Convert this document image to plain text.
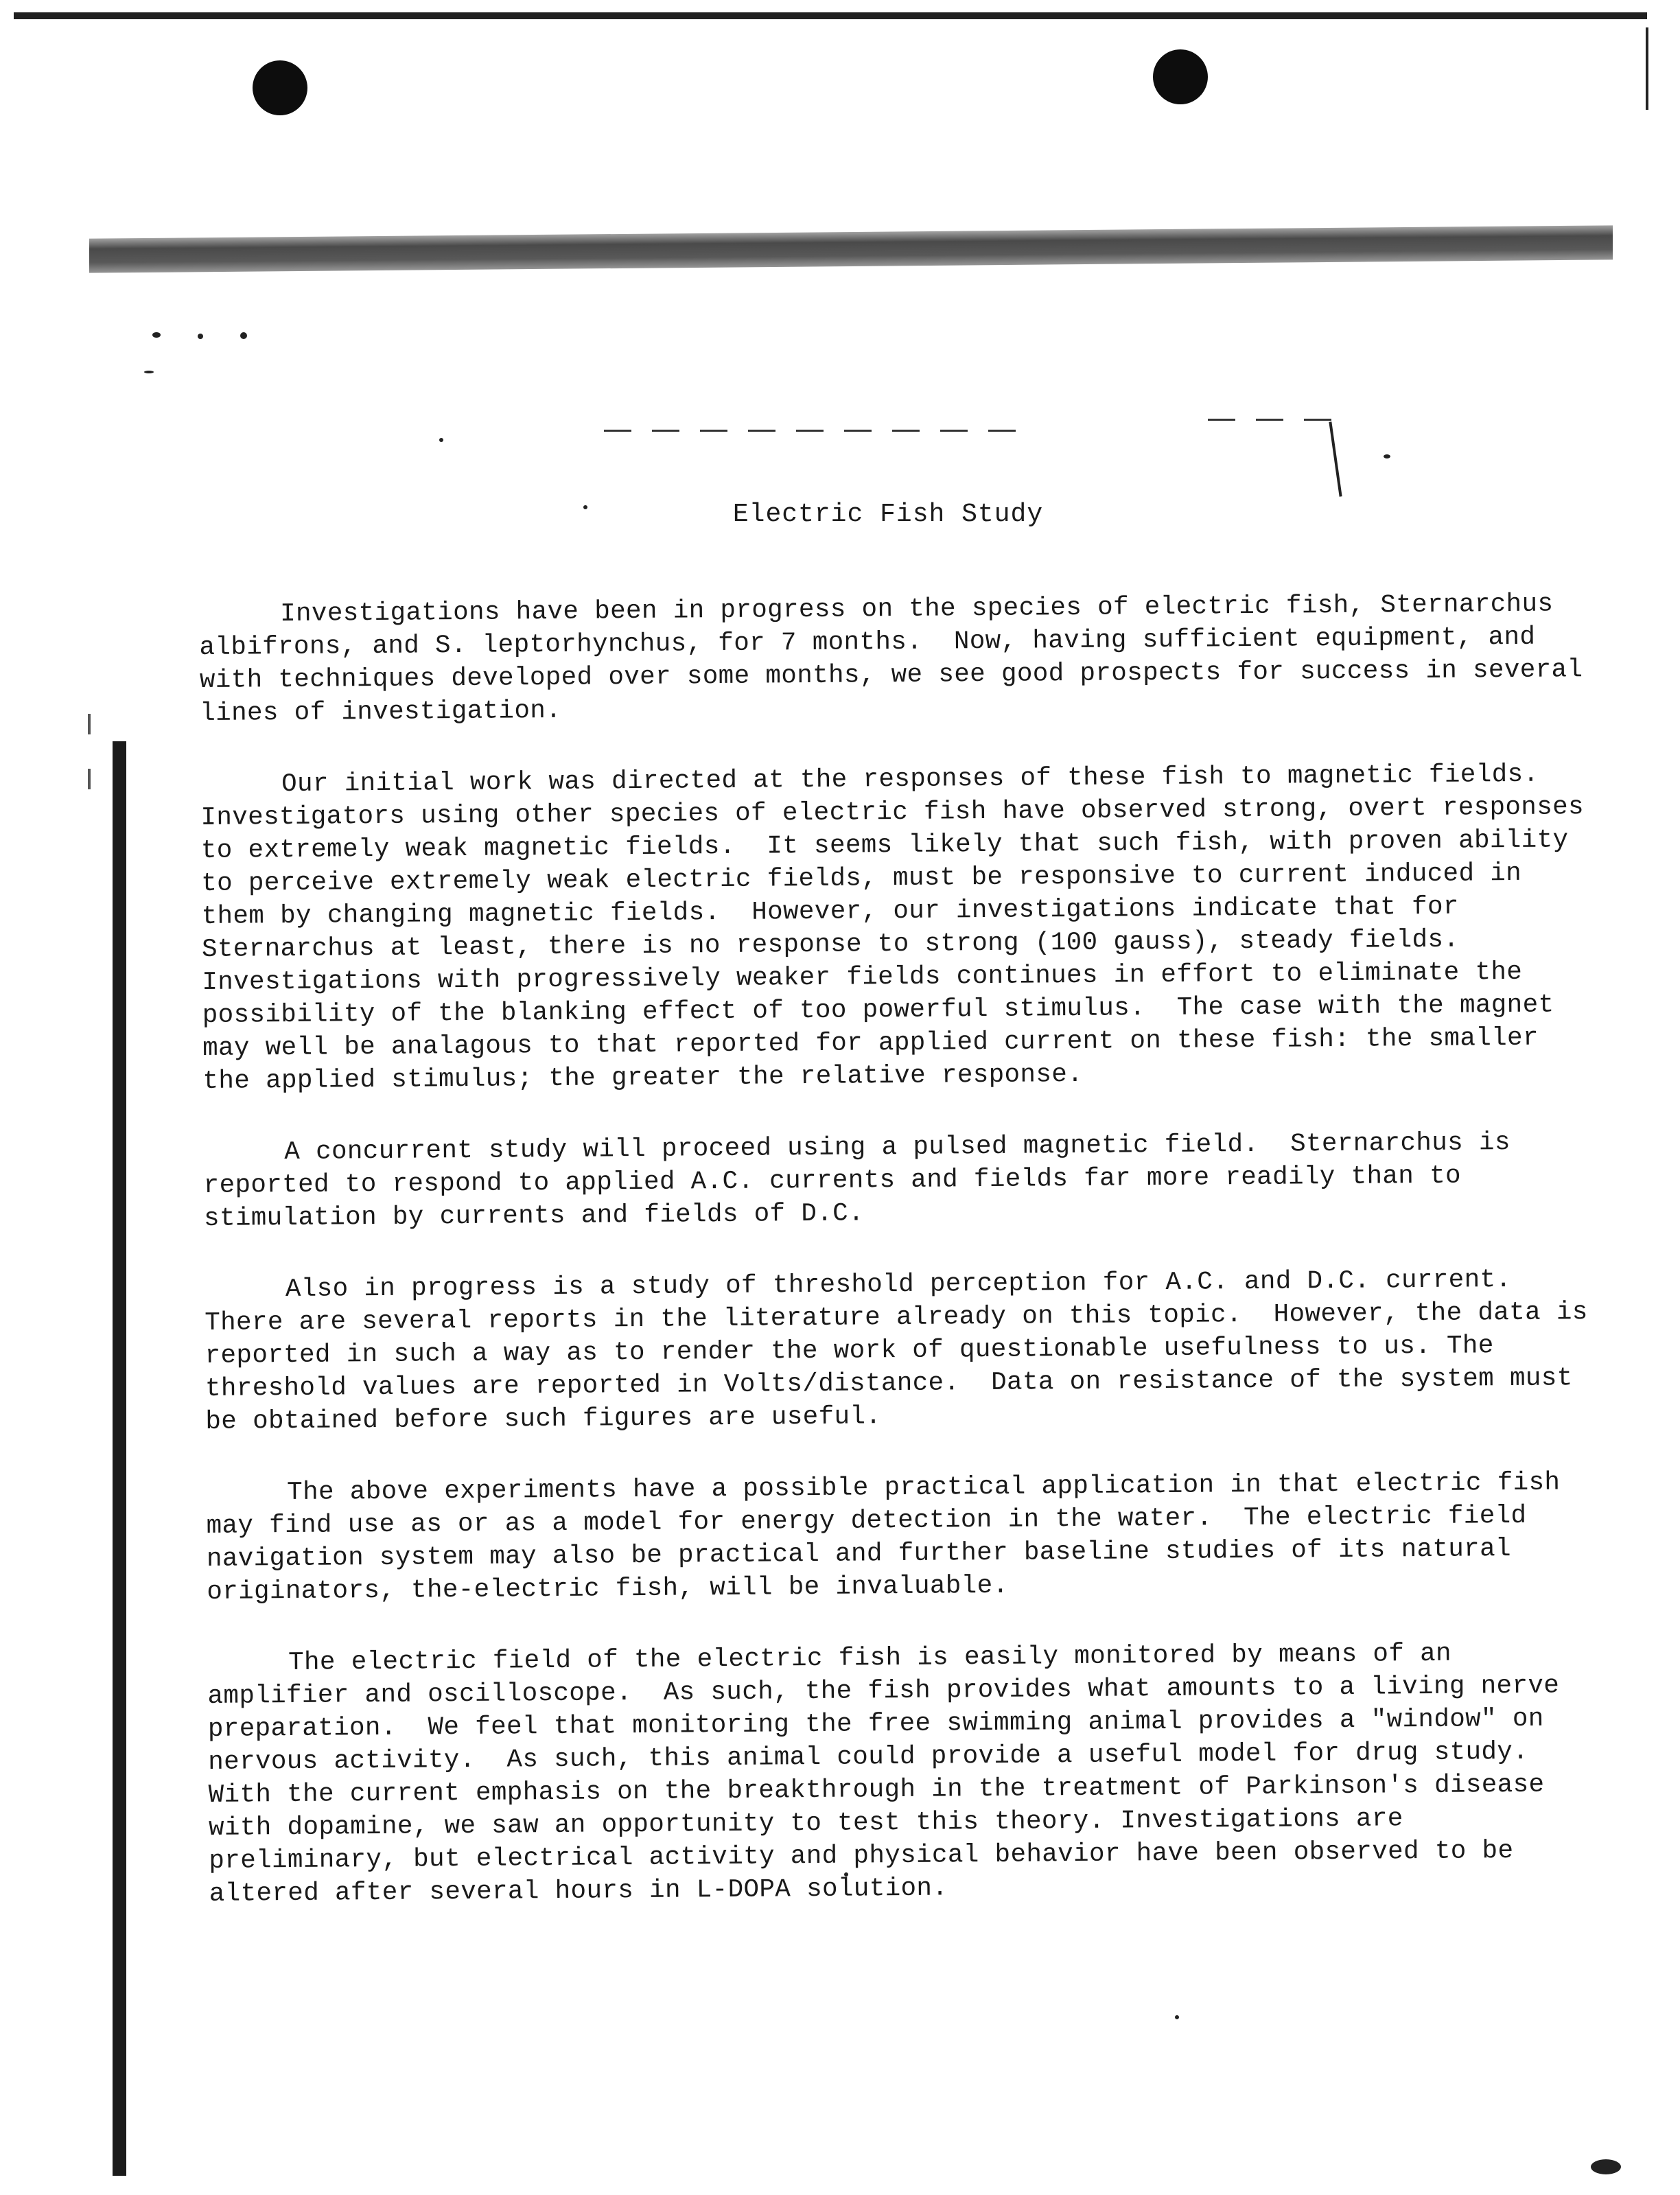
Electric Fish Study

Investigations have been in progress on the species of electric fish, Sternarchus albifrons, and S. leptorhynchus, for 7 months.  Now, having sufficient equipment, and with techniques developed over some months, we see good prospects for success in several lines of investigation.

Our initial work was directed at the responses of these fish to magnetic fields.  Investigators using other species of electric fish have observed strong, overt responses to extremely weak magnetic fields.  It seems likely that such fish, with proven ability to perceive extremely weak electric fields, must be responsive to current induced in them by changing magnetic fields.  However, our investigations indicate that for Sternarchus at least, there is no response to strong (100 gauss), steady fields.  Investigations with progressively weaker fields continues in effort to eliminate the possibility of the blanking effect of too powerful stimulus.  The case with the magnet may well be analagous to that reported for applied current on these fish: the smaller the applied stimulus; the greater the relative response.

A concurrent study will proceed using a pulsed magnetic field.  Sternarchus is reported to respond to applied A.C. currents and fields far more readily than to stimulation by currents and fields of D.C.

Also in progress is a study of threshold perception for A.C. and D.C. current. There are several reports in the literature already on this topic.  However, the data is reported in such a way as to render the work of questionable usefulness to us. The threshold values are reported in Volts/distance.  Data on resistance of the system must be obtained before such figures are useful.

The above experiments have a possible practical application in that electric fish may find use as or as a model for energy detection in the water.  The electric field navigation system may also be practical and further baseline studies of its natural originators, the-electric fish, will be invaluable.

The electric field of the electric fish is easily monitored by means of an amplifier and oscilloscope.  As such, the fish provides what amounts to a living nerve preparation.  We feel that monitoring the free swimming animal provides a "window" on nervous activity.  As such, this animal could provide a useful model for drug study.  With the current emphasis on the breakthrough in the treatment of Parkinson's disease with dopamine, we saw an opportunity to test this theory. Investigations are preliminary, but electrical activity and physical behavior have been observed to be altered after several hours in L-DOPA solution.
